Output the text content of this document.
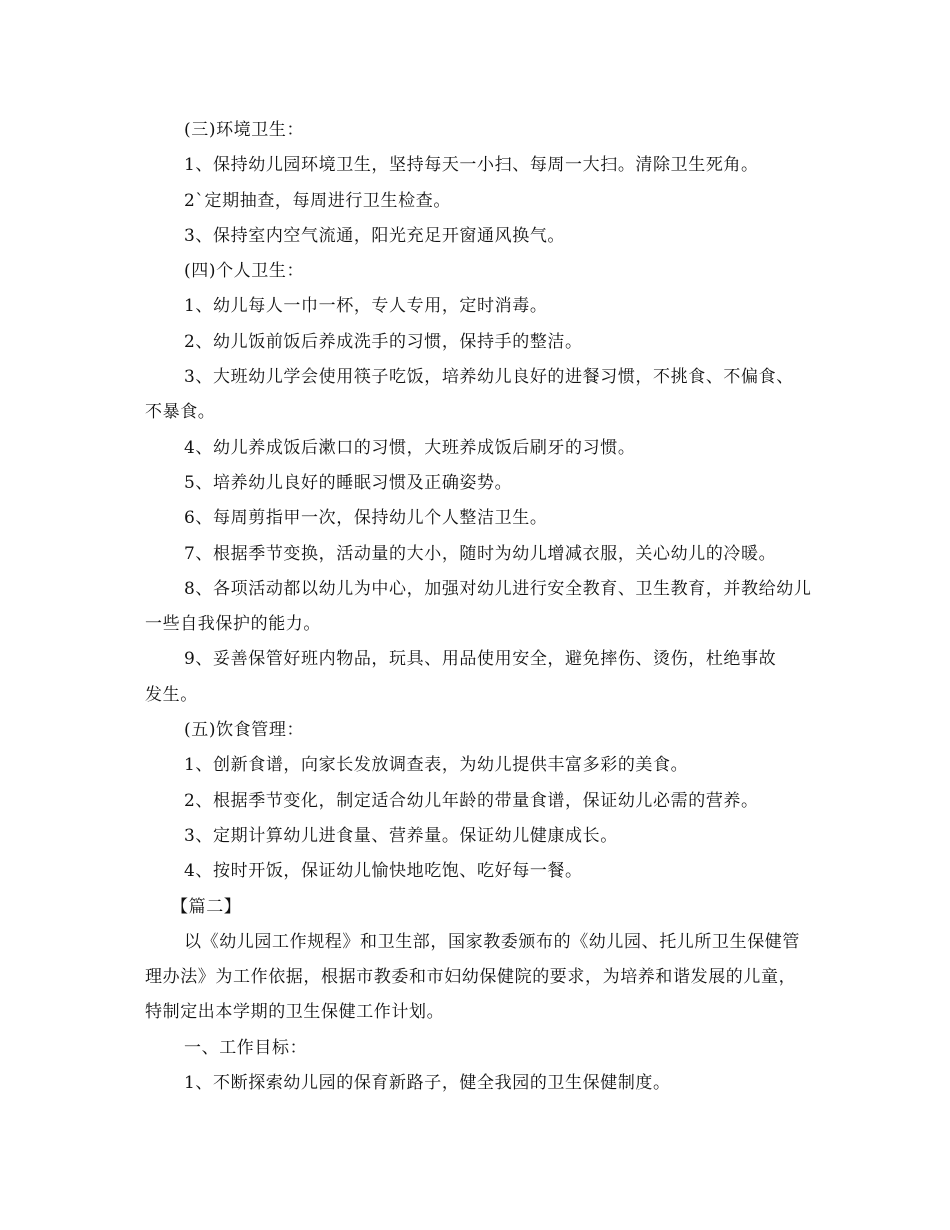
(三)环境卫生：

1、保持幼儿园环境卫生，坚持每天一小扫、每周一大扫。清除卫生死角。

2`定期抽查，每周进行卫生检查。

3、保持室内空气流通，阳光充足开窗通风换气。

(四)个人卫生：

1、幼儿每人一巾一杯，专人专用，定时消毒。

2、幼儿饭前饭后养成洗手的习惯，保持手的整洁。

3、大班幼儿学会使用筷子吃饭，培养幼儿良好的进餐习惯，不挑食、不偏食、不暴食。

4、幼儿养成饭后漱口的习惯，大班养成饭后刷牙的习惯。

5、培养幼儿良好的睡眠习惯及正确姿势。

6、每周剪指甲一次，保持幼儿个人整洁卫生。

7、根据季节变换，活动量的大小，随时为幼儿增减衣服，关心幼儿的冷暖。

8、各项活动都以幼儿为中心，加强对幼儿进行安全教育、卫生教育，并教给幼儿一些自我保护的能力。

9、妥善保管好班内物品，玩具、用品使用安全，避免摔伤、烫伤，杜绝事故发生。

(五)饮食管理：

1、创新食谱，向家长发放调查表，为幼儿提供丰富多彩的美食。

2、根据季节变化，制定适合幼儿年龄的带量食谱，保证幼儿必需的营养。

3、定期计算幼儿进食量、营养量。保证幼儿健康成长。

4、按时开饭，保证幼儿愉快地吃饱、吃好每一餐。

【篇二】

以《幼儿园工作规程》和卫生部，国家教委颁布的《幼儿园、托儿所卫生保健管理办法》为工作依据，根据市教委和市妇幼保健院的要求，为培养和谐发展的儿童，特制定出本学期的卫生保健工作计划。

一、工作目标：

1、不断探索幼儿园的保育新路子，健全我园的卫生保健制度。
